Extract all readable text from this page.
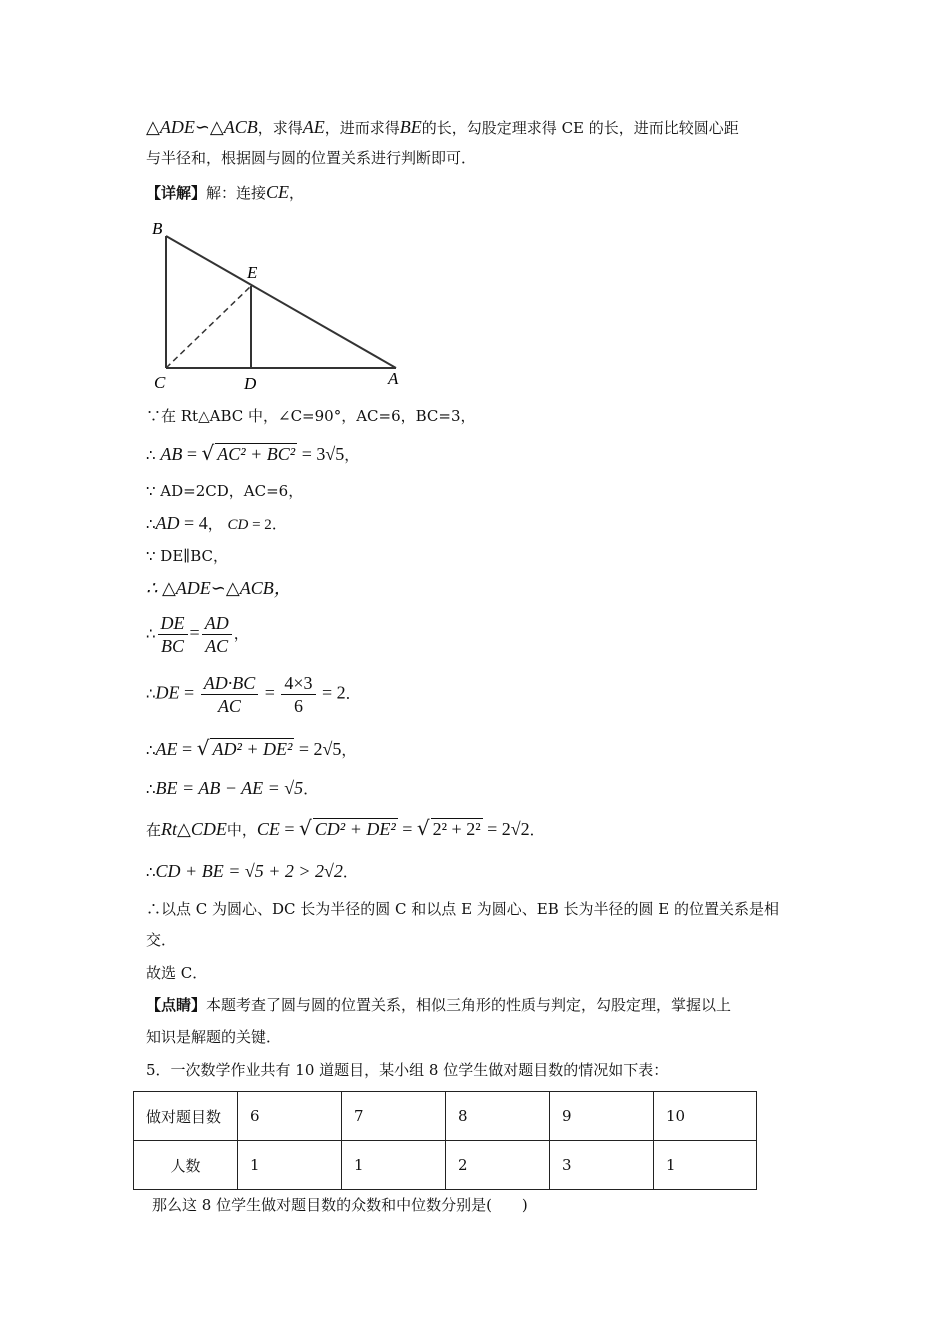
△ADE∽△ACB，求得AE，进而求得BE的长，勾股定理求得 CE 的长，进而比较圆心距
与半径和，根据圆与圆的位置关系进行判断即可．
【详解】解：连接CE，
B
E
C	D	A
∵在 Rt△ABC 中，∠C=90°，AC=6，BC=3，
∴ AB = √ AC² + BC² = 3√5，
∵ AD=2CD，AC=6，
∴AD = 4， CD = 2．
∵ DE∥BC，
∴ △ADE∽△ACB，
∴ $\frac{DE}{BC} = \frac{AD}{AC}$ ，
∴DE = $\frac{AD\cdot BC}{AC} = \frac{4\times 3}{6} = 2$．
∴AE = √ AD² + DE² = 2√5，
∴BE = AB − AE = √5．
在Rt△CDE中，CE = √ CD² + DE² = √ 2² + 2² = 2√2．
∴CD + BE = √5 + 2 > 2√2．
∴以点 C 为圆心、DC 长为半径的圆 C 和以点 E 为圆心、EB 长为半径的圆 E 的位置关系是相
交．
故选 C．
【点睛】本题考查了圆与圆的位置关系，相似三角形的性质与判定，勾股定理，掌握以上
知识是解题的关键．
5．一次数学作业共有 10 道题目，某小组 8 位学生做对题目数的情况如下表：
做对题目数	6	7	8	9	10
人数	1	1	2	3	1
那么这 8 位学生做对题目数的众数和中位数分别是(　　)
